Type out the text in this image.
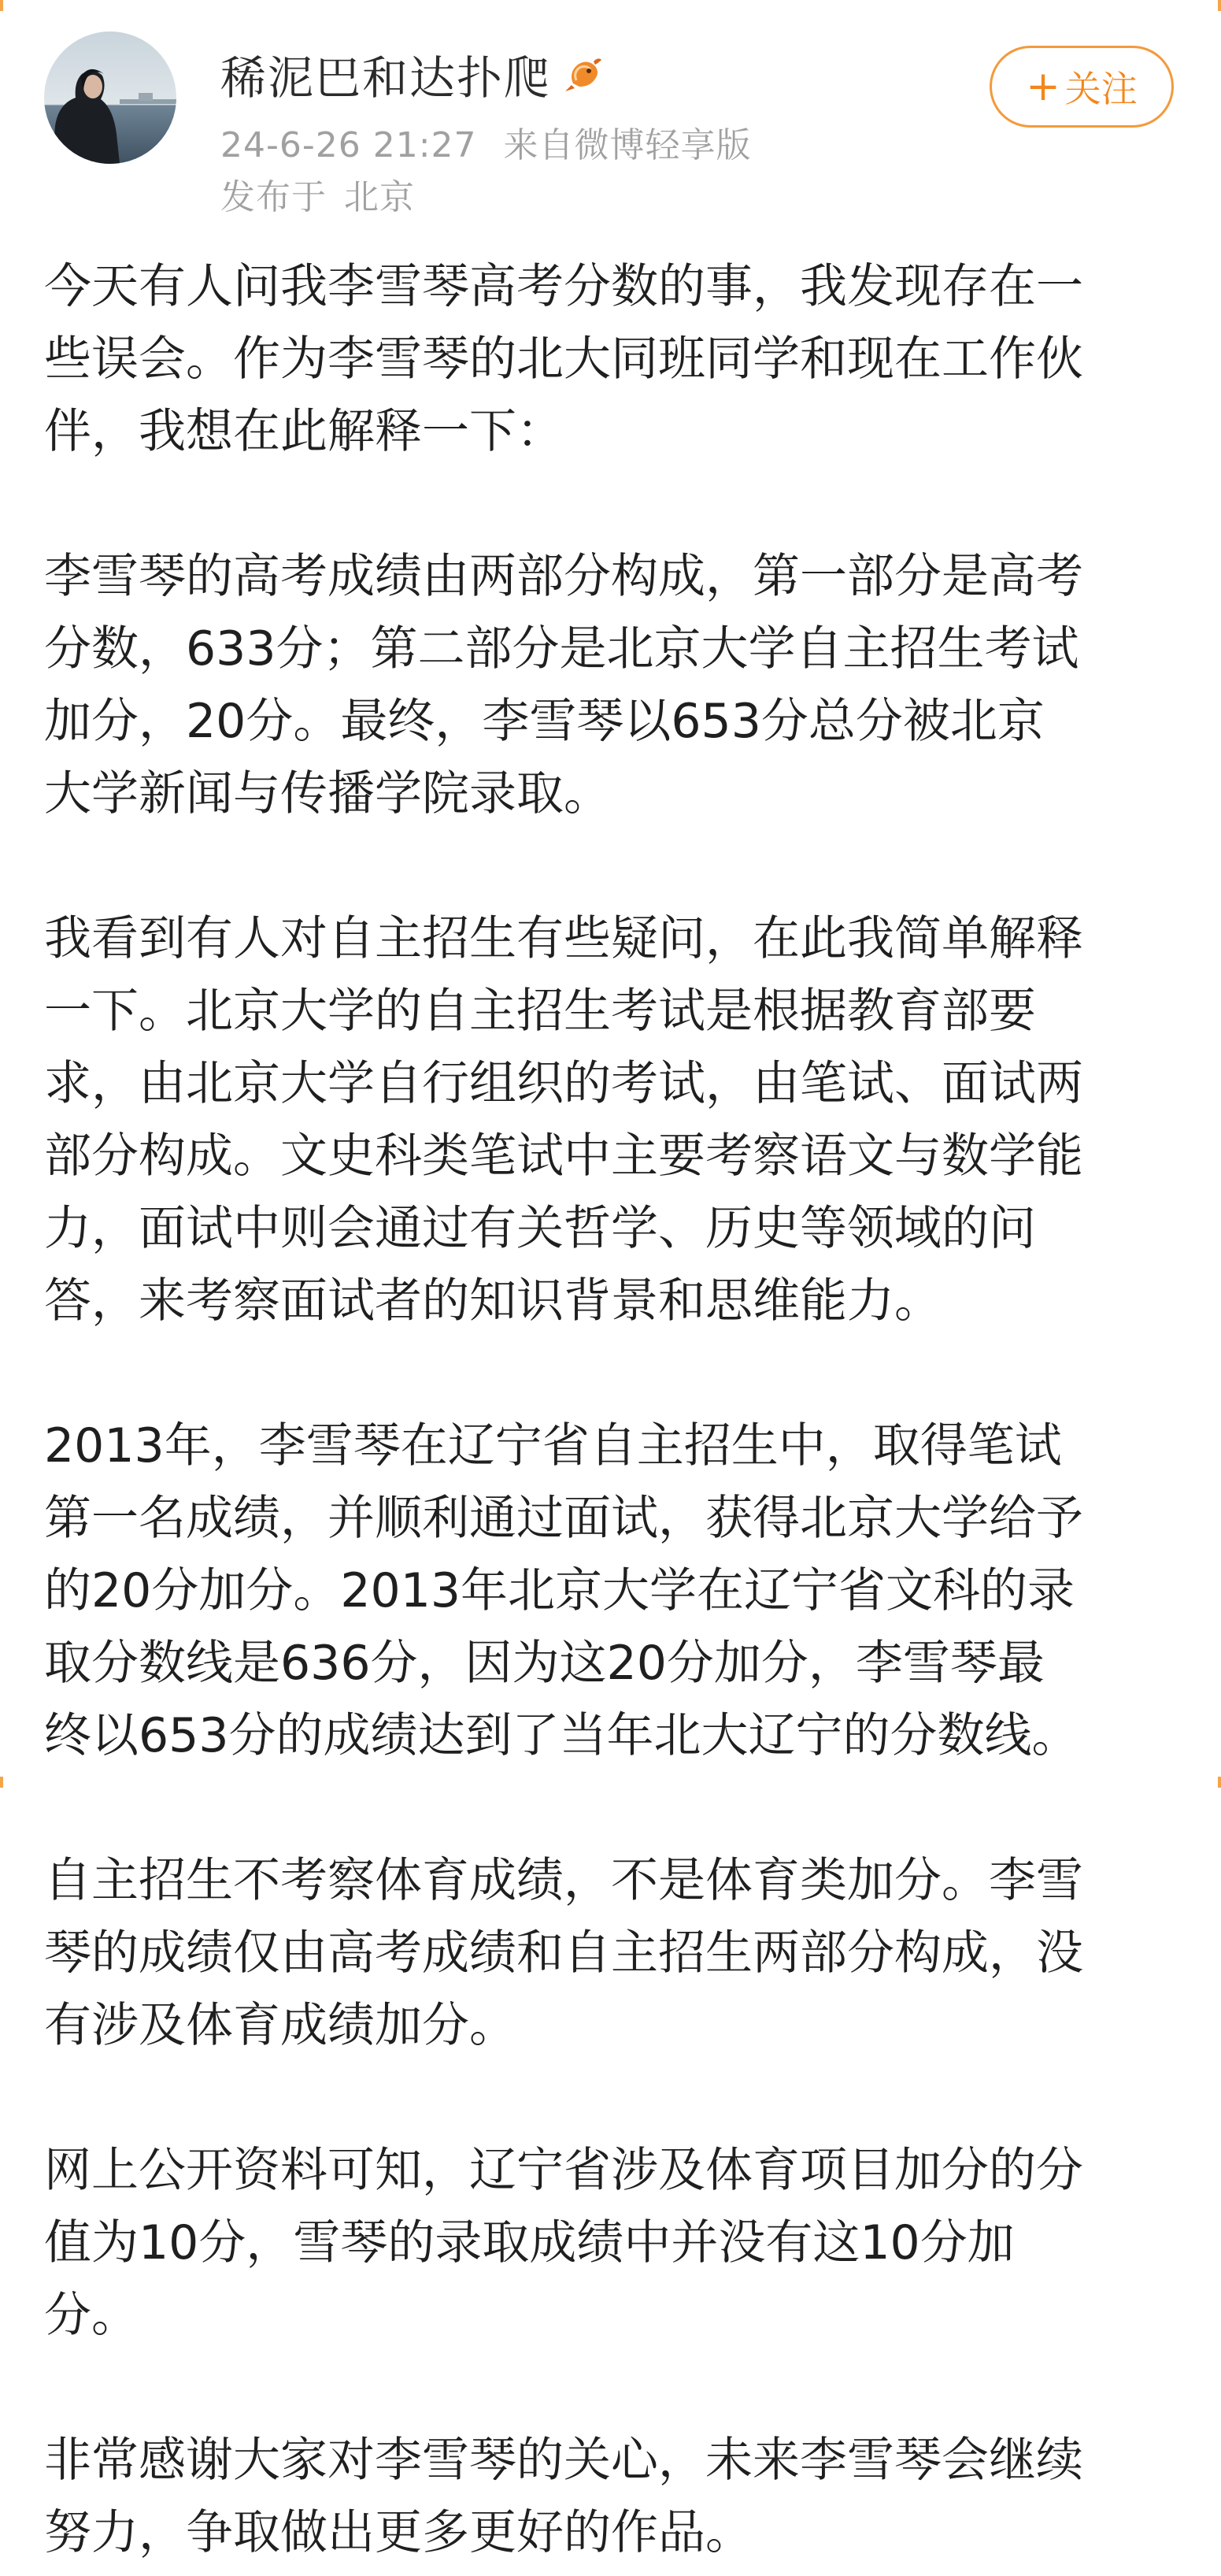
稀泥巴和达扑爬
24-6-26 21:27 来自微博轻享版
发布于 北京
+ 关注
今天有人问我李雪琴高考分数的事，我发现存在一
些误会。作为李雪琴的北大同班同学和现在工作伙
伴，我想在此解释一下：
李雪琴的高考成绩由两部分构成，第一部分是高考
分数，633分；第二部分是北京大学自主招生考试
加分，20分。最终，李雪琴以653分总分被北京
大学新闻与传播学院录取。
我看到有人对自主招生有些疑问，在此我简单解释
一下。北京大学的自主招生考试是根据教育部要
求，由北京大学自行组织的考试，由笔试、面试两
部分构成。文史科类笔试中主要考察语文与数学能
力，面试中则会通过有关哲学、历史等领域的问
答，来考察面试者的知识背景和思维能力。
2013年，李雪琴在辽宁省自主招生中，取得笔试
第一名成绩，并顺利通过面试，获得北京大学给予
的20分加分。2013年北京大学在辽宁省文科的录
取分数线是636分，因为这20分加分，李雪琴最
终以653分的成绩达到了当年北大辽宁的分数线。
自主招生不考察体育成绩，不是体育类加分。李雪
琴的成绩仅由高考成绩和自主招生两部分构成，没
有涉及体育成绩加分。
网上公开资料可知，辽宁省涉及体育项目加分的分
值为10分，雪琴的录取成绩中并没有这10分加
分。
非常感谢大家对李雪琴的关心，未来李雪琴会继续
努力，争取做出更多更好的作品。
